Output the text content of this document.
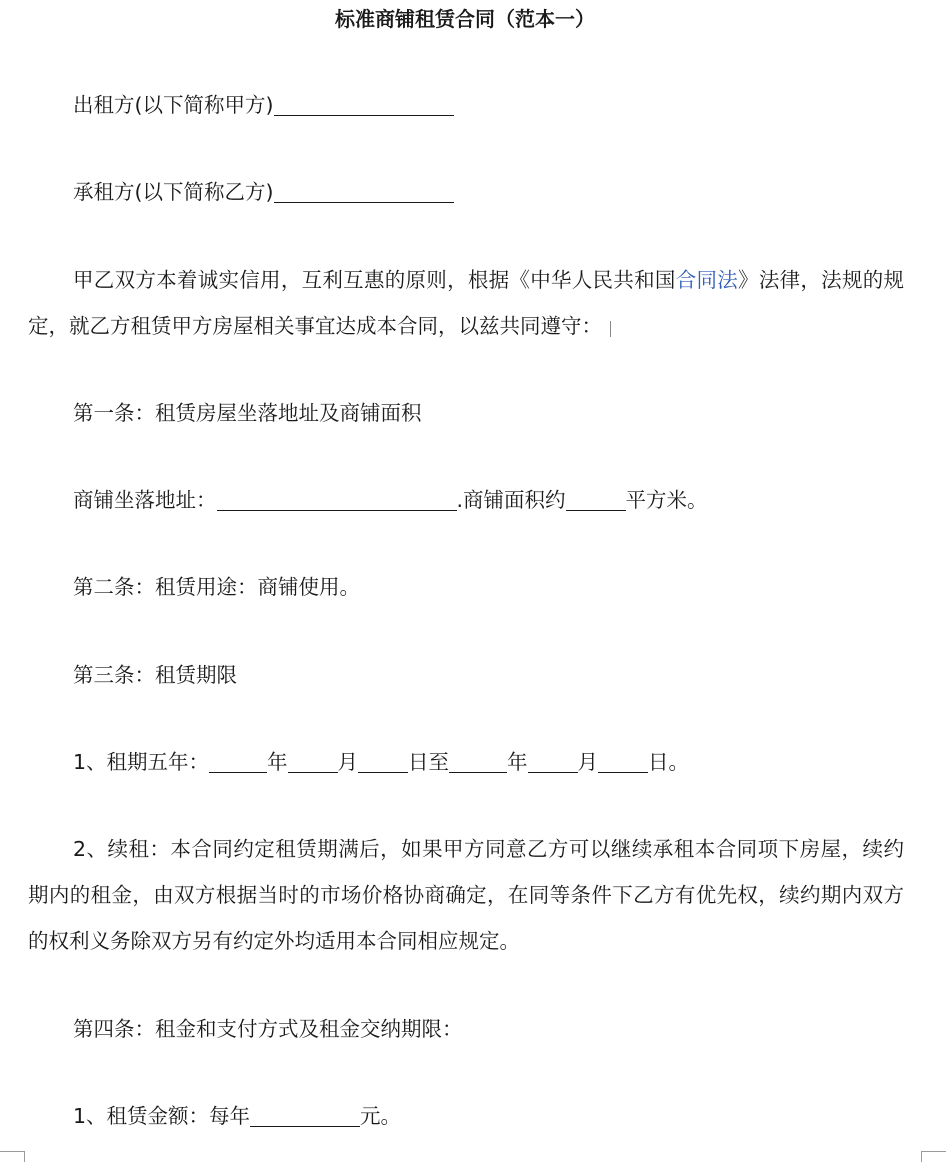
标准商铺租赁合同（范本一）
出租方(以下简称甲方)
承租方(以下简称乙方)
甲乙双方本着诚实信用，互利互惠的原则，根据《中华人民共和国合同法》法律，法规的规定，就乙方租赁甲方房屋相关事宜达成本合同，以兹共同遵守：
第一条：租赁房屋坐落地址及商铺面积
商铺坐落地址：	.商铺面积约	平方米。
第二条：租赁用途：商铺使用。
第三条：租赁期限
1、租期五年：	年 月 日至	年 月 日。
2、续租：本合同约定租赁期满后，如果甲方同意乙方可以继续承租本合同项下房屋，续约期内的租金，由双方根据当时的市场价格协商确定，在同等条件下乙方有优先权，续约期内双方的权利义务除双方另有约定外均适用本合同相应规定。
第四条：租金和支付方式及租金交纳期限：
1、租赁金额：每年	元。
